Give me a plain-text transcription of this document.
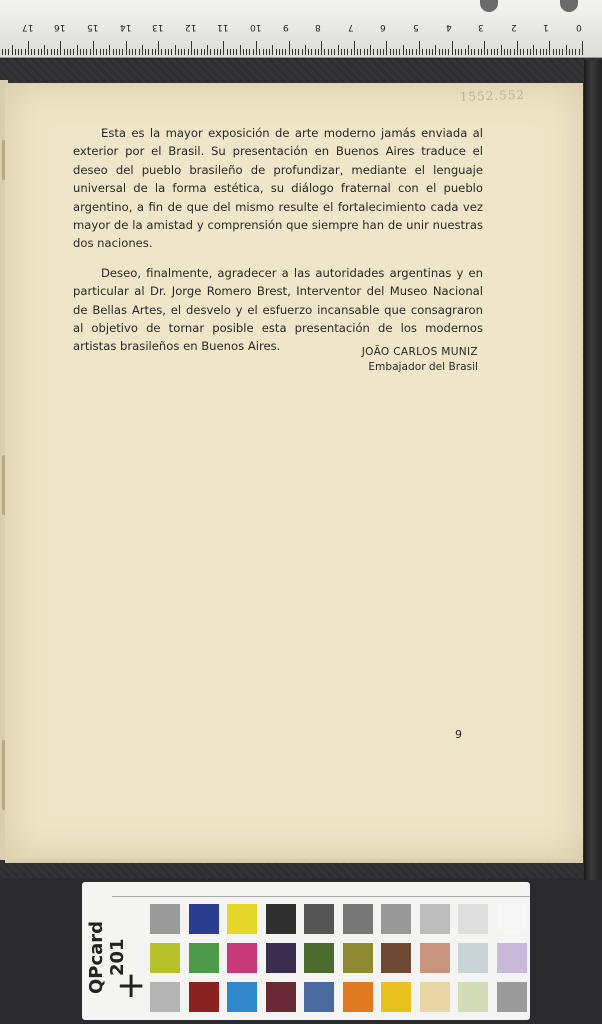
0
1
2
3
4
5
6
7
8
9
10
11
12
13
14
15
16
17
1552.552

Esta es la mayor exposición de arte moderno jamás enviada al exterior por el Brasil. Su presentación en Buenos Aires traduce el deseo del pueblo brasileño de profundizar, mediante el lenguaje universal de la forma estética, su diálogo fraternal con el pueblo argentino, a fin de que del mismo resulte el fortalecimiento cada vez mayor de la amistad y comprensión que siempre han de unir nuestras dos naciones.

Deseo, finalmente, agradecer a las autoridades argentinas y en particular al Dr. Jorge Romero Brest, Interventor del Museo Nacional de Bellas Artes, el desvelo y el esfuerzo incansable que consagraron al objetivo de tornar posible esta presentación de los modernos artistas brasileños en Buenos Aires.	JOÃO CARLOS MUNIZ
Embajador del Brasil
9
QPcard 201
+
